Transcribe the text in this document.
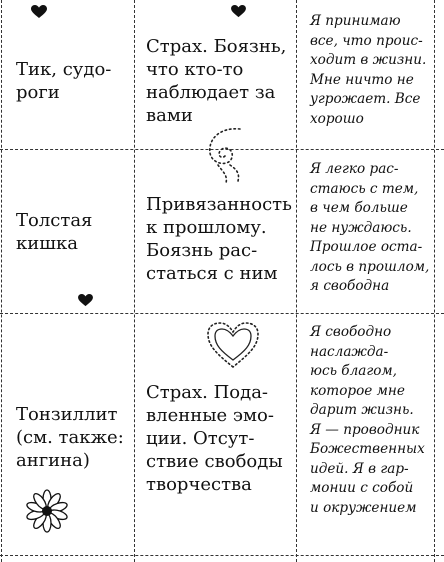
Тик, судо-
роги
Страх. Боязнь,
что кто-то
наблюдает за
вами
Я принимаю
все, что проис-
ходит в жизни.
Мне ничто не
угрожает. Все
хорошо
Толстая
кишка
Привязанность
к прошлому.
Боязнь рас-
статься с ним
Я легко рас-
стаюсь с тем,
в чем больше
не нуждаюсь.
Прошлое оста-
лось в прошлом,
я свободна
Тонзиллит
(см. также:
ангина)
Страх. Пода-
вленные эмо-
ции. Отсут-
ствие свободы
творчества
Я свободно
наслажда-
юсь благом,
которое мне
дарит жизнь.
Я — проводник
Божественных
идей. Я в гар-
монии с собой
и окружением
